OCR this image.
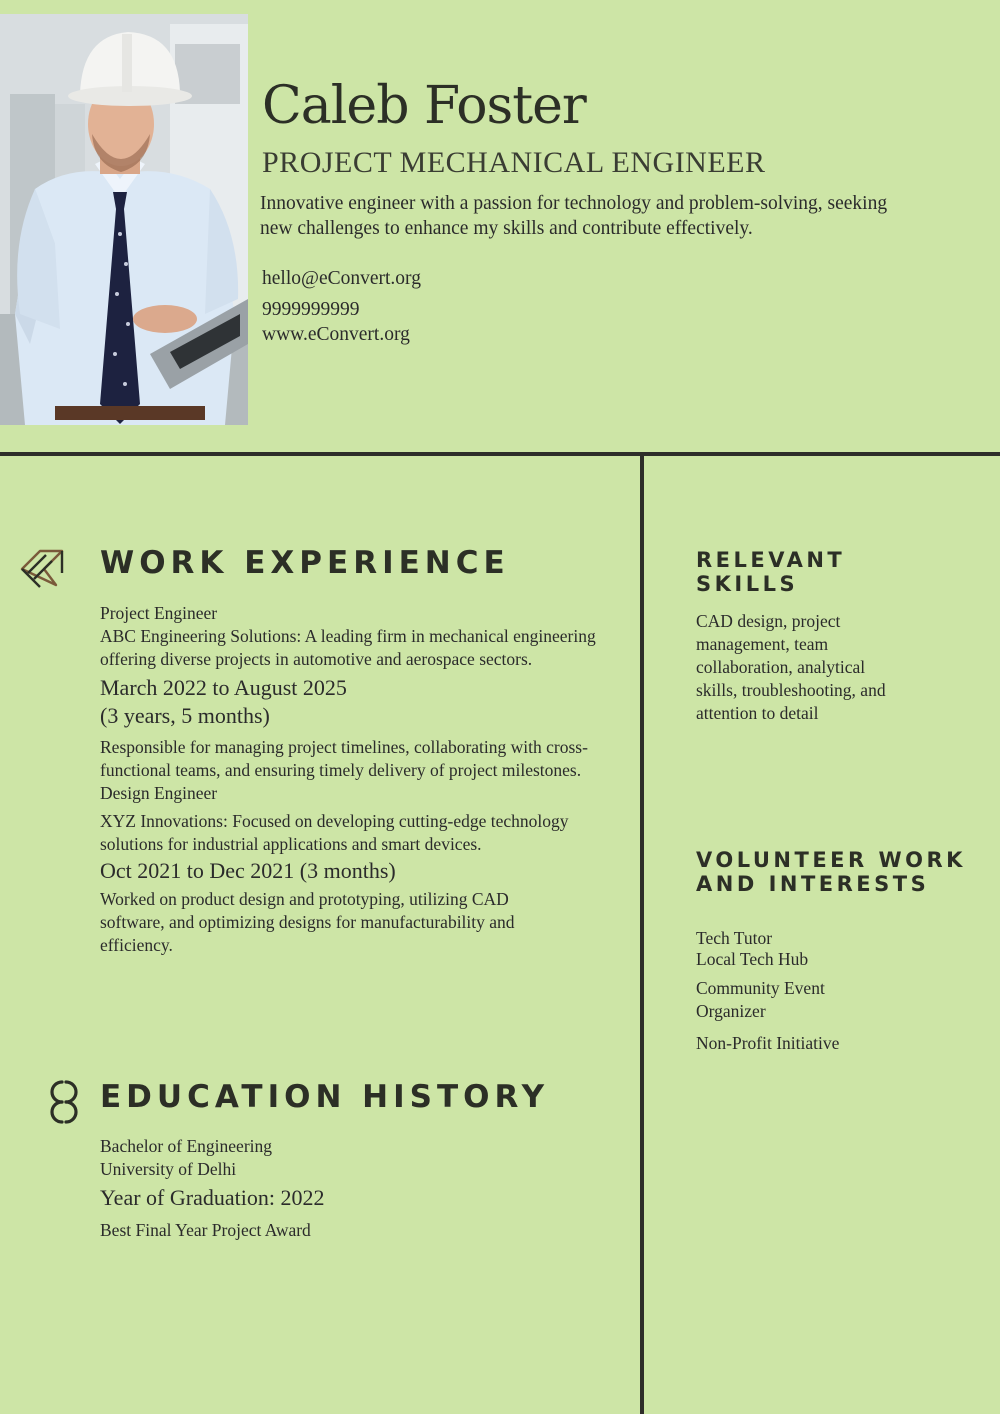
Caleb Foster
PROJECT MECHANICAL ENGINEER

Innovative engineer with a passion for technology and problem-solving, seeking new challenges to enhance my skills and contribute effectively.

hello@eConvert.org

9999999999

www.eConvert.org

WORK EXPERIENCE

Project Engineer

ABC Engineering Solutions: A leading firm in mechanical engineering offering diverse projects in automotive and aerospace sectors.

March 2022 to August 2025

(3 years, 5 months)

Responsible for managing project timelines, collaborating with cross-functional teams, and ensuring timely delivery of project milestones.

Design Engineer

XYZ Innovations: Focused on developing cutting-edge technology solutions for industrial applications and smart devices.

Oct 2021 to Dec 2021 (3 months)

Worked on product design and prototyping, utilizing CAD software, and optimizing designs for manufacturability and efficiency.

EDUCATION HISTORY

Bachelor of Engineering

University of Delhi

Year of Graduation: 2022

Best Final Year Project Award

RELEVANT
SKILLS

CAD design, project management, team collaboration, analytical skills, troubleshooting, and attention to detail

VOLUNTEER WORK
AND INTERESTS

Tech Tutor

Local Tech Hub

Community Event

Organizer

Non-Profit Initiative
